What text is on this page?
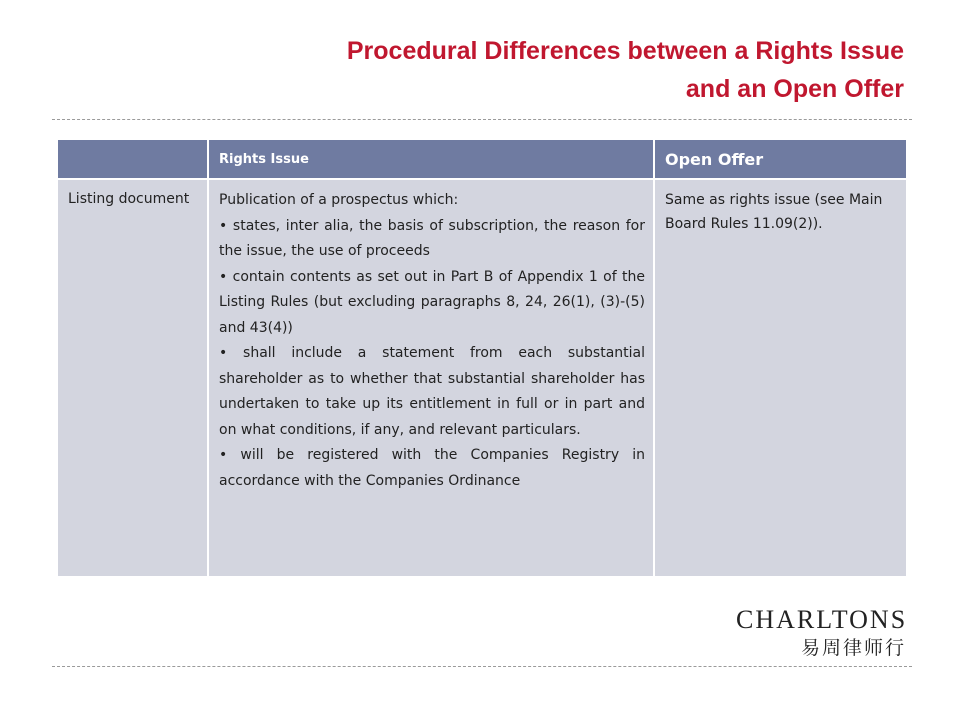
Procedural Differences between a Rights Issue
and an Open Offer
	Rights Issue	Open Offer
Listing document	Publication of a prospectus which:

• states, inter alia, the basis of subscription, the reason for the issue, the use of proceeds

• contain contents as set out in Part B of Appendix 1 of the Listing Rules (but excluding paragraphs 8, 24, 26(1), (3)-(5) and 43(4))

• shall include a statement from each substantial shareholder as to whether that substantial shareholder has undertaken to take up its entitlement in full or in part and on what conditions, if any, and relevant particulars.

• will be registered with the Companies Registry in accordance with the Companies Ordinance	Same as rights issue (see Main Board Rules 11.09(2)).
CHARLTONS
易周律师行
